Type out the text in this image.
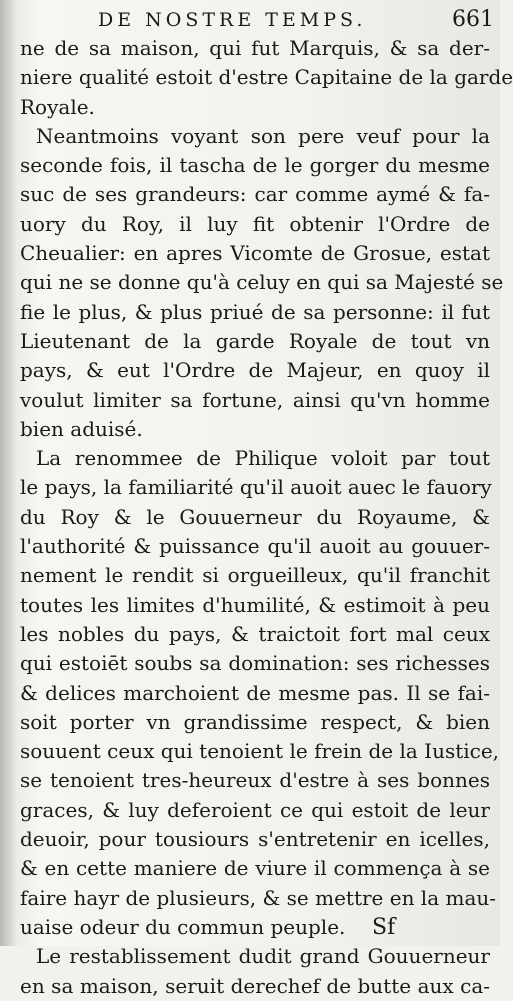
DE NOSTRE TEMPS.	661
ne de sa maison, qui fut Marquis, & sa der-
niere qualité estoit d'estre Capitaine de la garde
Royale.
Neantmoins voyant son pere veuf pour la
seconde fois, il tascha de le gorger du mesme
suc de ses grandeurs: car comme aymé & fa-
uory du Roy, il luy fit obtenir l'Ordre de
Cheualier: en apres Vicomte de Grosue, estat
qui ne se donne qu'à celuy en qui sa Majesté se
fie le plus, & plus priué de sa personne: il fut
Lieutenant de la garde Royale de tout vn
pays, & eut l'Ordre de Majeur, en quoy il
voulut limiter sa fortune, ainsi qu'vn homme
bien aduisé.
La renommee de Philique voloit par tout
le pays, la familiarité qu'il auoit auec le fauory
du Roy & le Gouuerneur du Royaume, &
l'authorité & puissance qu'il auoit au gouuer-
nement le rendit si orgueilleux, qu'il franchit
toutes les limites d'humilité, & estimoit à peu
les nobles du pays, & traictoit fort mal ceux
qui estoiēt soubs sa domination: ses richesses
& delices marchoient de mesme pas. Il se fai-
soit porter vn grandissime respect, & bien
souuent ceux qui tenoient le frein de la Iustice,
se tenoient tres-heureux d'estre à ses bonnes
graces, & luy deferoient ce qui estoit de leur
deuoir, pour tousiours s'entretenir en icelles,
& en cette maniere de viure il commença à se
faire hayr de plusieurs, & se mettre en la mau-
uaise odeur du commun peuple.
Le restablissement dudit grand Gouuerneur
en sa maison, seruit derechef de butte aux ca-
Sf
